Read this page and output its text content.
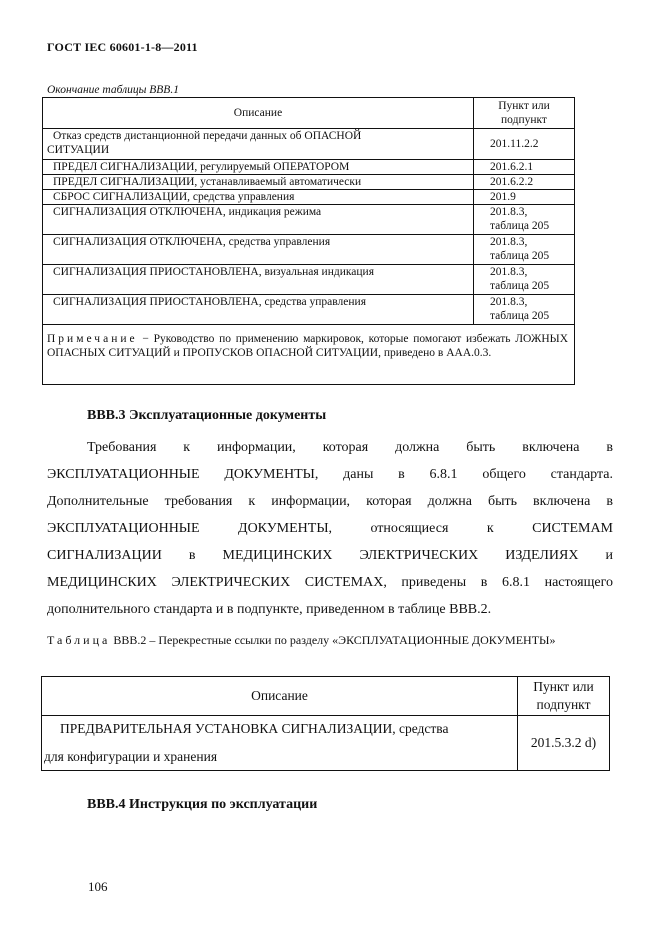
ГОСТ IEC 60601-1-8—2011
Окончание таблицы ВВВ.1
Описание	Пункт или
подпункт

Отказ средств дистанционной передачи данных об ОПАСНОЙ
СИТУАЦИИ	201.11.2.2
ПРЕДЕЛ СИГНАЛИЗАЦИИ, регулируемый ОПЕРАТОРОМ	201.6.2.1
ПРЕДЕЛ СИГНАЛИЗАЦИИ, устанавливаемый автоматически	201.6.2.2
СБРОС СИГНАЛИЗАЦИИ, средства управления	201.9
СИГНАЛИЗАЦИЯ ОТКЛЮЧЕНА, индикация режима	201.8.3,
таблица 205

СИГНАЛИЗАЦИЯ ОТКЛЮЧЕНА, средства управления	201.8.3,
таблица 205

СИГНАЛИЗАЦИЯ ПРИОСТАНОВЛЕНА, визуальная индикация	201.8.3,
таблица 205

СИГНАЛИЗАЦИЯ ПРИОСТАНОВЛЕНА, средства управления	201.8.3,
таблица 205

Примечание − Руководство по применению маркировок, которые помогают избежать ЛОЖНЫХ ОПАСНЫХ СИТУАЦИЙ и ПРОПУСКОВ ОПАСНОЙ СИТУАЦИИ, приведено в ААА.0.3.	
ВВВ.3 Эксплуатационные документы
Требования к информации, которая должна быть включена в
ЭКСПЛУАТАЦИОННЫЕ ДОКУМЕНТЫ, даны в 6.8.1 общего стандарта.
Дополнительные требования к информации, которая должна быть включена в
ЭКСПЛУАТАЦИОННЫЕ ДОКУМЕНТЫ, относящиеся к СИСТЕМАМ
СИГНАЛИЗАЦИИ в МЕДИЦИНСКИХ ЭЛЕКТРИЧЕСКИХ ИЗДЕЛИЯХ и
МЕДИЦИНСКИХ ЭЛЕКТРИЧЕСКИХ СИСТЕМАХ, приведены в 6.8.1 настоящего
дополнительного стандарта и в подпункте, приведенном в таблице ВВВ.2.
Таблица ВВВ.2 – Перекрестные ссылки по разделу «ЭКСПЛУАТАЦИОННЫЕ ДОКУМЕНТЫ»
Описание	Пункт или
подпункт

ПРЕДВАРИТЕЛЬНАЯ УСТАНОВКА СИГНАЛИЗАЦИИ, средства
для конфигурации и хранения	201.5.3.2 d)
ВВВ.4 Инструкция по эксплуатации
106
